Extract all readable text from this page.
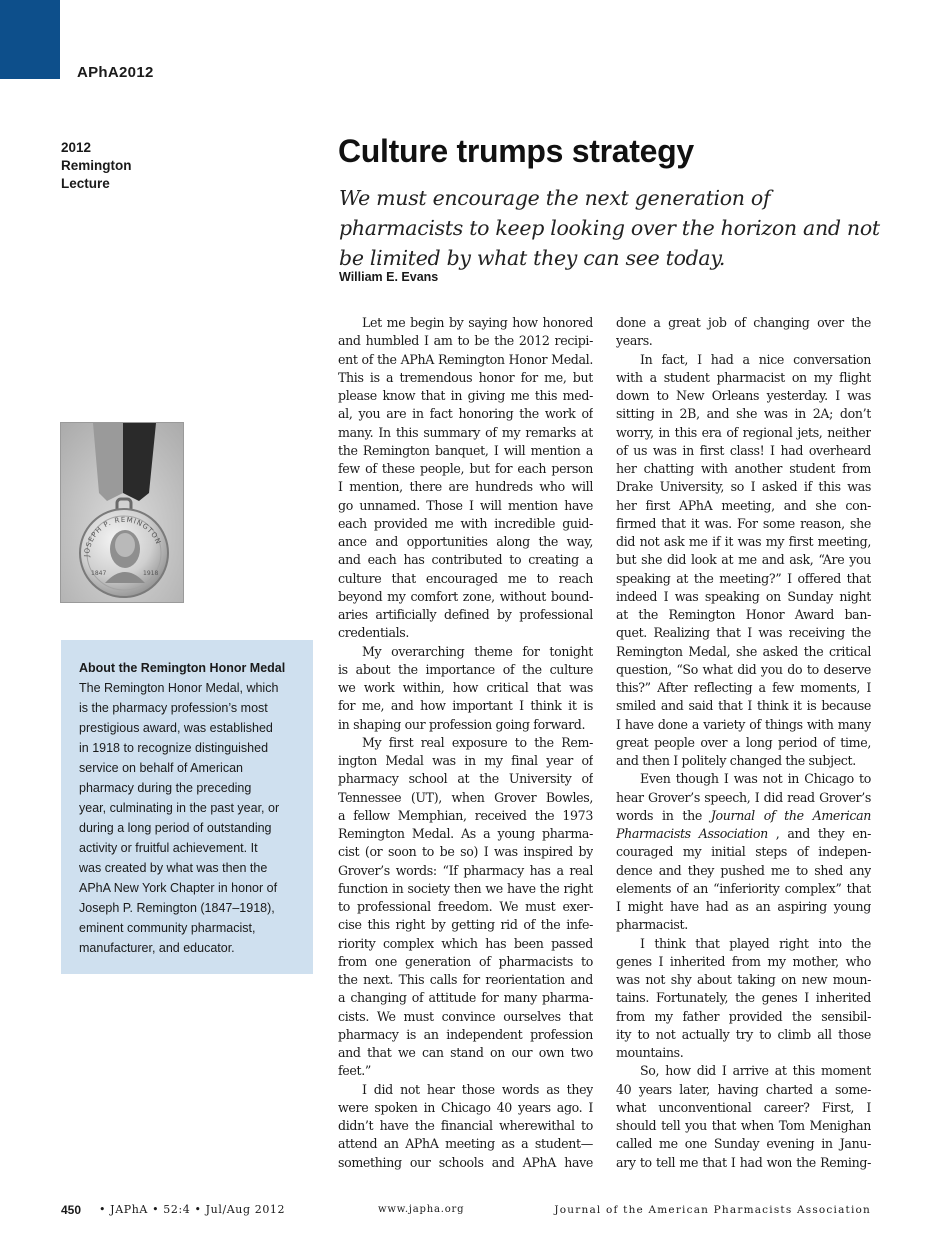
APhA2012
2012
Remington
Lecture
Culture trumps strategy

We must encourage the next generation of pharmacists to keep looking over the horizon and not be limited by what they can see today.

William E. Evans
JOSEPH P. REMINGTON
1847	1918
About the Remington Honor Medal
The Remington Honor Medal, which
is the pharmacy profession’s most
prestigious award, was established
in 1918 to recognize distinguished
service on behalf of American
pharmacy during the preceding
year, culminating in the past year, or
during a long period of outstanding
activity or fruitful achievement. It
was created by what was then the
APhA New York Chapter in honor of
Joseph P. Remington (1847–1918),
eminent community pharmacist,
manufacturer, and educator.
Let me begin by saying how honored
and humbled I am to be the 2012 recipi-
ent of the APhA Remington Honor Medal.
This is a tremendous honor for me, but
please know that in giving me this med-
al, you are in fact honoring the work of
many. In this summary of my remarks at
the Remington banquet, I will mention a
few of these people, but for each person
I mention, there are hundreds who will
go unnamed. Those I will mention have
each provided me with incredible guid-
ance and opportunities along the way,
and each has contributed to creating a
culture that encouraged me to reach
beyond my comfort zone, without bound-
aries artificially defined by professional
credentials.
My overarching theme for tonight
is about the importance of the culture
we work within, how critical that was
for me, and how important I think it is
in shaping our profession going forward.
My first real exposure to the Rem-
ington Medal was in my final year of
pharmacy school at the University of
Tennessee (UT), when Grover Bowles,
a fellow Memphian, received the 1973
Remington Medal. As a young pharma-
cist (or soon to be so) I was inspired by
Grover’s words: “If pharmacy has a real
function in society then we have the right
to professional freedom. We must exer-
cise this right by getting rid of the infe-
riority complex which has been passed
from one generation of pharmacists to
the next. This calls for reorientation and
a changing of attitude for many pharma-
cists. We must convince ourselves that
pharmacy is an independent profession
and that we can stand on our own two
feet.”
I did not hear those words as they
were spoken in Chicago 40 years ago. I
didn’t have the financial wherewithal to
attend an APhA meeting as a student—
something our schools and APhA have
done a great job of changing over the
years.
In fact, I had a nice conversation
with a student pharmacist on my flight
down to New Orleans yesterday. I was
sitting in 2B, and she was in 2A; don’t
worry, in this era of regional jets, neither
of us was in first class! I had overheard
her chatting with another student from
Drake University, so I asked if this was
her first APhA meeting, and she con-
firmed that it was. For some reason, she
did not ask me if it was my first meeting,
but she did look at me and ask, “Are you
speaking at the meeting?” I offered that
indeed I was speaking on Sunday night
at the Remington Honor Award ban-
quet. Realizing that I was receiving the
Remington Medal, she asked the critical
question, “So what did you do to deserve
this?” After reflecting a few moments, I
smiled and said that I think it is because
I have done a variety of things with many
great people over a long period of time,
and then I politely changed the subject.
Even though I was not in Chicago to
hear Grover’s speech, I did read Grover’s
words in the Journal of the American
Pharmacists Association , and they en-
couraged my initial steps of indepen-
dence and they pushed me to shed any
elements of an “inferiority complex” that
I might have had as an aspiring young
pharmacist.
I think that played right into the
genes I inherited from my mother, who
was not shy about taking on new moun-
tains. Fortunately, the genes I inherited
from my father provided the sensibil-
ity to not actually try to climb all those
mountains.
So, how did I arrive at this moment
40 years later, having charted a some-
what unconventional career? First, I
should tell you that when Tom Menighan
called me one Sunday evening in Janu-
ary to tell me that I had won the Reming-
450 • JAPhA • 52:4 • Jul/Aug 2012	www.japha.org	Journal of the American Pharmacists Association
